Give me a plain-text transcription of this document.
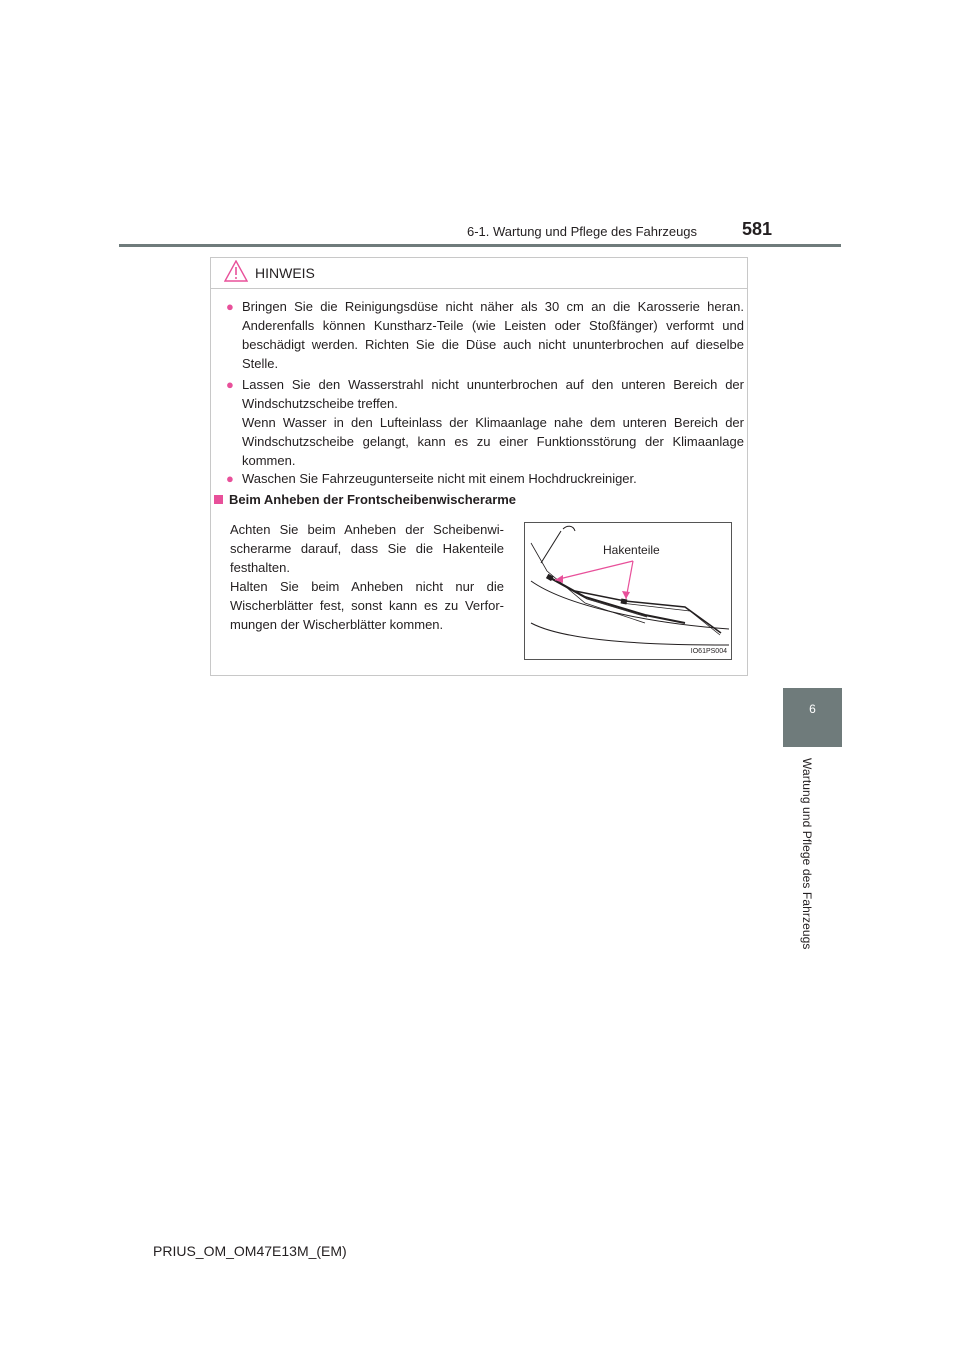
6-1. Wartung und Pflege des Fahrzeugs 581
6
Wartung und Pflege des Fahrzeugs
HINWEIS
● Bringen Sie die Reinigungsdüse nicht näher als 30 cm an die Karosserie heran. Anderenfalls können Kunstharz-Teile (wie Leisten oder Stoßfänger) verformt und beschädigt werden. Richten Sie die Düse auch nicht ununterbrochen auf dieselbe Stelle.

● Lassen Sie den Wasserstrahl nicht ununterbrochen auf den unteren Bereich der Windschutzscheibe treffen.

Wenn Wasser in den Lufteinlass der Klimaanlage nahe dem unteren Bereich der Windschutzscheibe gelangt, kann es zu einer Funktionsstörung der Klimaanlage kommen.

● Waschen Sie Fahrzeugunterseite nicht mit einem Hochdruckreiniger.

Beim Anheben der Frontscheibenwischerarme

Achten Sie beim Anheben der Scheibenwi-scherarme darauf, dass Sie die Hakenteile festhalten.

Halten Sie beim Anheben nicht nur die Wischerblätter fest, sonst kann es zu Verfor-mungen der Wischerblätter kommen.

Hakenteile
IO61PS004
PRIUS_OM_OM47E13M_(EM)
